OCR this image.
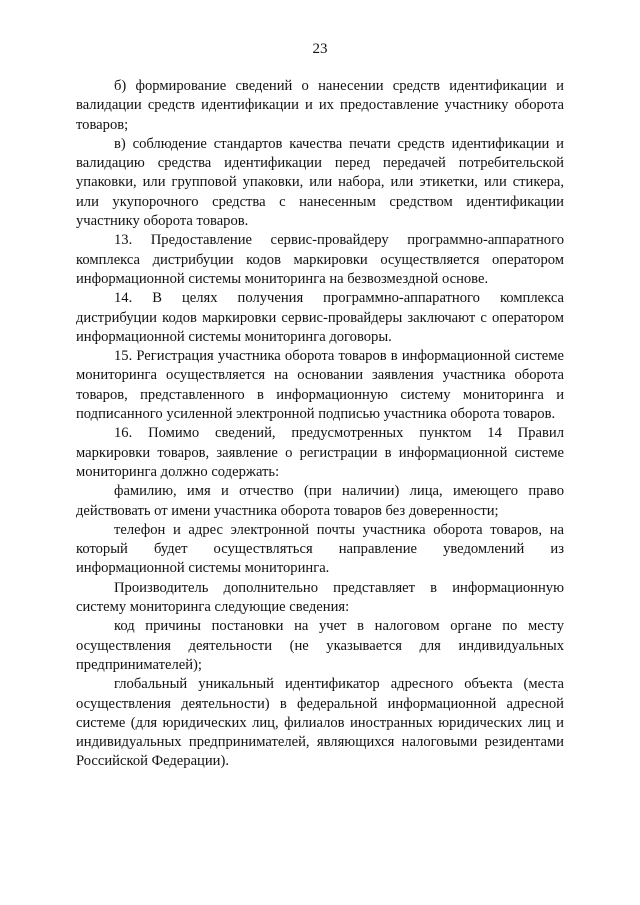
23

б) формирование сведений о нанесении средств идентификации и валидации средств идентификации и их предоставление участнику оборота товаров;

в) соблюдение стандартов качества печати средств идентификации и валидацию средства идентификации перед передачей потребительской упаковки, или групповой упаковки, или набора, или этикетки, или стикера, или укупорочного средства с нанесенным средством идентификации участнику оборота товаров.

13. Предоставление сервис-провайдеру программно-аппаратного комплекса дистрибуции кодов маркировки осуществляется оператором информационной системы мониторинга на безвозмездной основе.

14. В целях получения программно-аппаратного комплекса дистрибуции кодов маркировки сервис-провайдеры заключают с оператором информационной системы мониторинга договоры.

15. Регистрация участника оборота товаров в информационной системе мониторинга осуществляется на основании заявления участника оборота товаров, представленного в информационную систему мониторинга и подписанного усиленной электронной подписью участника оборота товаров.

16. Помимо сведений, предусмотренных пунктом 14 Правил маркировки товаров, заявление о регистрации в информационной системе мониторинга должно содержать:

фамилию, имя и отчество (при наличии) лица, имеющего право действовать от имени участника оборота товаров без доверенности;

телефон и адрес электронной почты участника оборота товаров, на который будет осуществляться направление уведомлений из информационной системы мониторинга.

Производитель дополнительно представляет в информационную систему мониторинга следующие сведения:

код причины постановки на учет в налоговом органе по месту осуществления деятельности (не указывается для индивидуальных предпринимателей);

глобальный уникальный идентификатор адресного объекта (места осуществления деятельности) в федеральной информационной адресной системе (для юридических лиц, филиалов иностранных юридических лиц и индивидуальных предпринимателей, являющихся налоговыми резидентами Российской Федерации).
